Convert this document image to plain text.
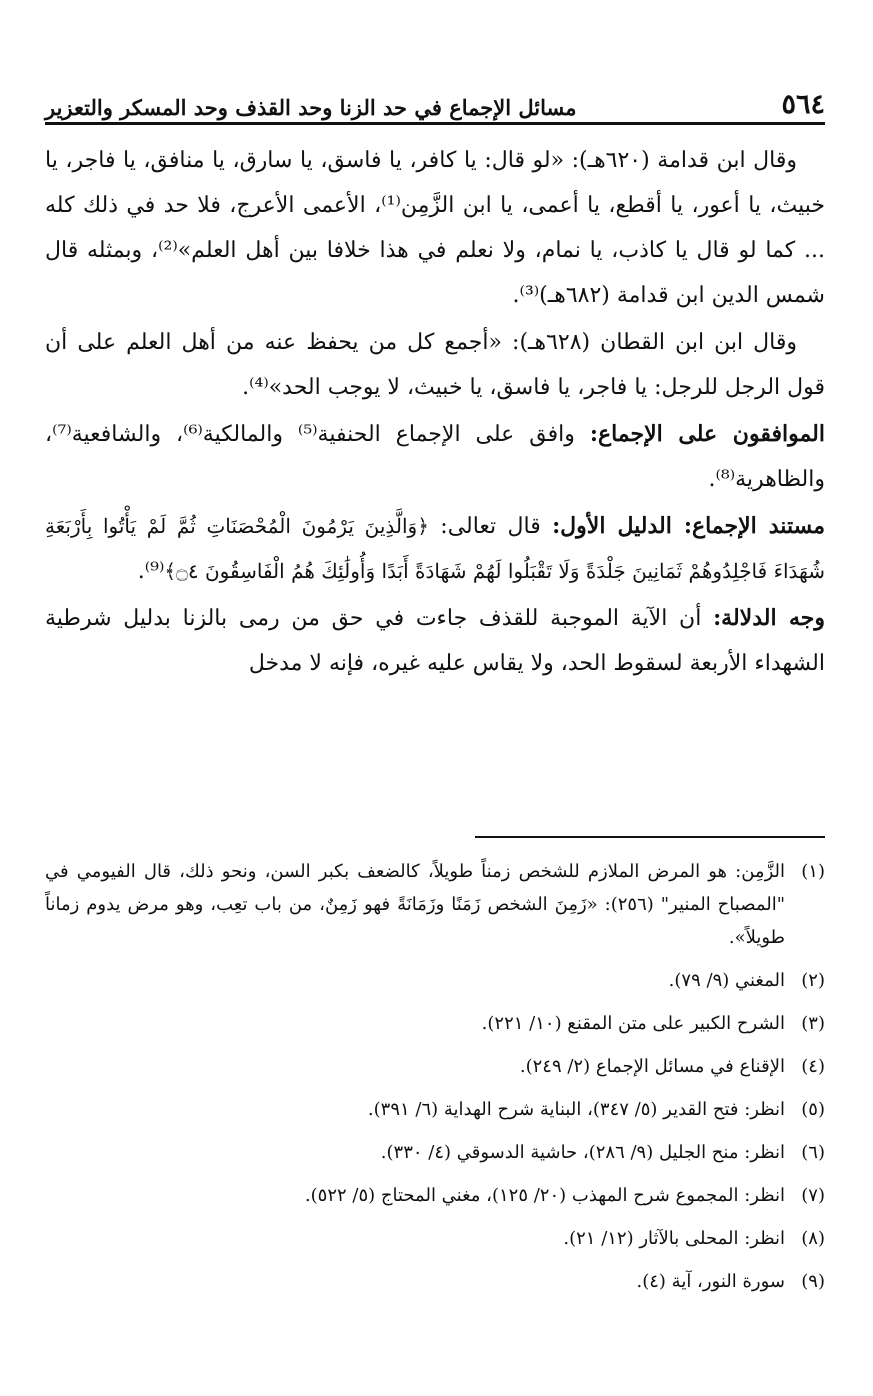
٥٦٤
مسائل الإجماع في حد الزنا وحد القذف وحد المسكر والتعزير

وقال ابن قدامة (٦٢٠هـ): «لو قال: يا كافر، يا فاسق، يا سارق، يا منافق، يا فاجر، يا خبيث، يا أعور، يا أقطع، يا أعمى، يا ابن الزَّمِن⁽¹⁾، الأعمى الأعرج، فلا حد في ذلك كله ... كما لو قال يا كاذب، يا نمام، ولا نعلم في هذا خلافا بين أهل العلم»⁽²⁾، وبمثله قال شمس الدين ابن قدامة (٦٨٢هـ)⁽³⁾.

وقال ابن ابن القطان (٦٢٨هـ): «أجمع كل من يحفظ عنه من أهل العلم على أن قول الرجل للرجل: يا فاجر، يا فاسق، يا خبيث، لا يوجب الحد»⁽⁴⁾.

الموافقون على الإجماع: وافق على الإجماع الحنفية⁽⁵⁾ والمالكية⁽⁶⁾، والشافعية⁽⁷⁾، والظاهرية⁽⁸⁾.

مستند الإجماع: الدليل الأول: قال تعالى: ﴿وَالَّذِينَ يَرْمُونَ الْمُحْصَنَاتِ ثُمَّ لَمْ يَأْتُوا بِأَرْبَعَةِ شُهَدَاءَ فَاجْلِدُوهُمْ ثَمَانِينَ جَلْدَةً وَلَا تَقْبَلُوا لَهُمْ شَهَادَةً أَبَدًا وَأُولَٰئِكَ هُمُ الْفَاسِقُونَ ۝٤﴾⁽⁹⁾.

وجه الدلالة: أن الآية الموجبة للقذف جاءت في حق من رمى بالزنا بدليل شرطية الشهداء الأربعة لسقوط الحد، ولا يقاس عليه غيره، فإنه لا مدخل

(١)
الزَّمِن: هو المرض الملازم للشخص زمناً طويلاً، كالضعف بكبر السن، ونحو ذلك، قال الفيومي في "المصباح المنير" (٢٥٦): «زَمِنَ الشخص زَمَنًا وزَمَانَةً فهو زَمِنٌ، من باب تعِب، وهو مرض يدوم زماناً طويلاً».
(٢)
المغني (٩/ ٧٩).
(٣)
الشرح الكبير على متن المقنع (١٠/ ٢٢١).
(٤)
الإقناع في مسائل الإجماع (٢/ ٢٤٩).
(٥)
انظر: فتح القدير (٥/ ٣٤٧)، البناية شرح الهداية (٦/ ٣٩١).
(٦)
انظر: منح الجليل (٩/ ٢٨٦)، حاشية الدسوقي (٤/ ٣٣٠).
(٧)
انظر: المجموع شرح المهذب (٢٠/ ١٢٥)، مغني المحتاج (٥/ ٥٢٢).
(٨)
انظر: المحلى بالآثار (١٢/ ٢١).
(٩)
سورة النور، آية (٤).
